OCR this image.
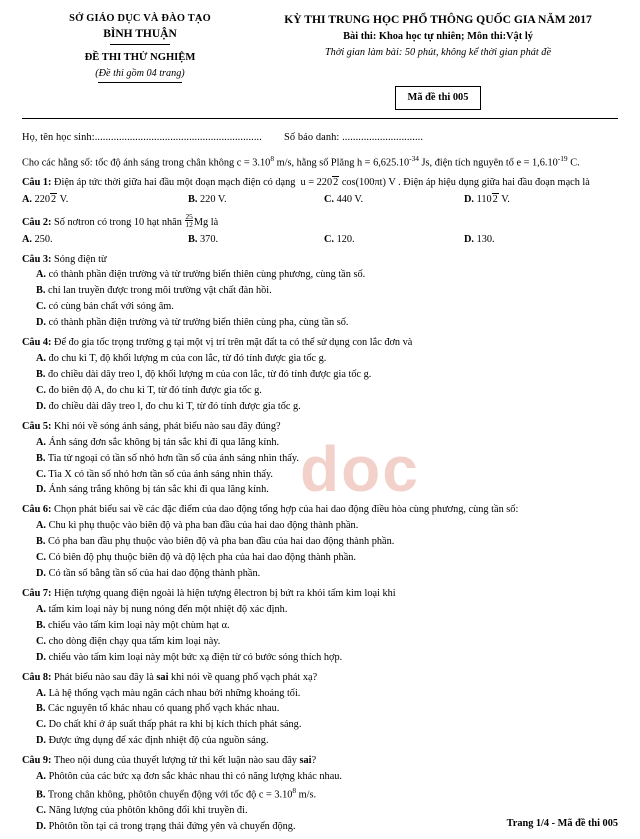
doc
SỞ GIÁO DỤC VÀ ĐÀO TẠO
BÌNH THUẬN
ĐỀ THI THỬ NGHIỆM
(Đề thi gồm 04 trang)
KỲ THI TRUNG HỌC PHỔ THÔNG QUỐC GIA NĂM 2017
Bài thi: Khoa học tự nhiên; Môn thi:Vật lý
Thời gian làm bài: 50 phút, không kể thời gian phát đề
Mã đề thi 005
Họ, tên học sinh:.............................................................. Số báo danh: ..............................
Cho các hằng số: tốc độ ánh sáng trong chân không $c = 3.10^8$ m/s, hằng số Plăng $h = 6,625.10^{-34}$ Js, điện tích nguyên tố $e = 1,6.10^{-19}$ C.
Câu 1: Điện áp tức thời giữa hai đầu một đoạn mạch điện có dạng  u = 2202 cos(100πt) V . Điện áp hiệu dụng giữa hai đầu đoạn mạch là
A. 2202 V.	B. 220 V.	C. 440 V.	D. 1102 V.
Câu 2: Số nơtron có trong 10 hạt nhân $\frac{25}{12}$ Mg là
A. 250.	B. 370.	C. 120.	D. 130.
Câu 3: Sóng điện từ
A. có thành phần điện trường và từ trường biến thiên cùng phương, cùng tần số.
B. chỉ lan truyền được trong môi trường vật chất đàn hồi.
C. có cùng bản chất với sóng âm.
D. có thành phần điện trường và từ trường biến thiên cùng pha, cùng tần số.
Câu 4: Để đo gia tốc trọng trường g tại một vị trí trên mặt đất ta có thể sử dụng con lắc đơn và
A. đo chu kì T, độ khối lượng m của con lắc, từ đó tính được gia tốc g.
B. đo chiều dài dây treo l, độ khối lượng m của con lắc, từ đó tính được gia tốc g.
C. đo biên độ A, đo chu kì T, từ đó tính được gia tốc g.
D. đo chiều dài dây treo l, đo chu kì T, từ đó tính được gia tốc g.
Câu 5: Khi nói về sóng ánh sáng, phát biểu nào sau đây đúng?
A. Ánh sáng đơn sắc không bị tán sắc khi đi qua lăng kính.
B. Tia tử ngoại có tần số nhỏ hơn tần số của ánh sáng nhìn thấy.
C. Tia X có tần số nhỏ hơn tần số của ánh sáng nhìn thấy.
D. Ánh sáng trắng không bị tán sắc khi đi qua lăng kính.
Câu 6: Chọn phát biểu sai về các đặc điểm của dao động tổng hợp của hai dao động điều hòa cùng phương, cùng tần số:
A. Chu kì phụ thuộc vào biên độ và pha ban đầu của hai dao động thành phần.
B. Có pha ban đầu phụ thuộc vào biên độ và pha ban đầu của hai dao động thành phần.
C. Có biên độ phụ thuộc biên độ và độ lệch pha của hai dao động thành phần.
D. Có tần số bằng tần số của hai dao động thành phần.
Câu 7: Hiện tượng quang điện ngoài là hiện tượng êlectron bị bứt ra khỏi tấm kim loại khi
A. tấm kim loại này bị nung nóng đến một nhiệt độ xác định.
B. chiếu vào tấm kim loại này một chùm hạt α.
C. cho dòng điện chạy qua tấm kim loại này.
D. chiếu vào tấm kim loại này một bức xạ điện từ có bước sóng thích hợp.
Câu 8: Phát biểu nào sau đây là sai khi nói về quang phổ vạch phát xạ?
A. Là hệ thống vạch màu ngăn cách nhau bởi những khoảng tối.
B. Các nguyên tố khác nhau có quang phổ vạch khác nhau.
C. Do chất khí ở áp suất thấp phát ra khi bị kích thích phát sáng.
D. Được ứng dụng để xác định nhiệt độ của nguồn sáng.
Câu 9: Theo nội dung của thuyết lượng tử thì kết luận nào sau đây sai?
A. Phôtôn của các bức xạ đơn sắc khác nhau thì có năng lượng khác nhau.
B. Trong chân không, phôtôn chuyển động với tốc độ $c = 3.10^8$ m/s.
C. Năng lượng của phôtôn không đổi khi truyền đi.
D. Phôtôn tồn tại cả trong trạng thái đứng yên và chuyển động.	Trang 1/4 - Mã đề thi 005
